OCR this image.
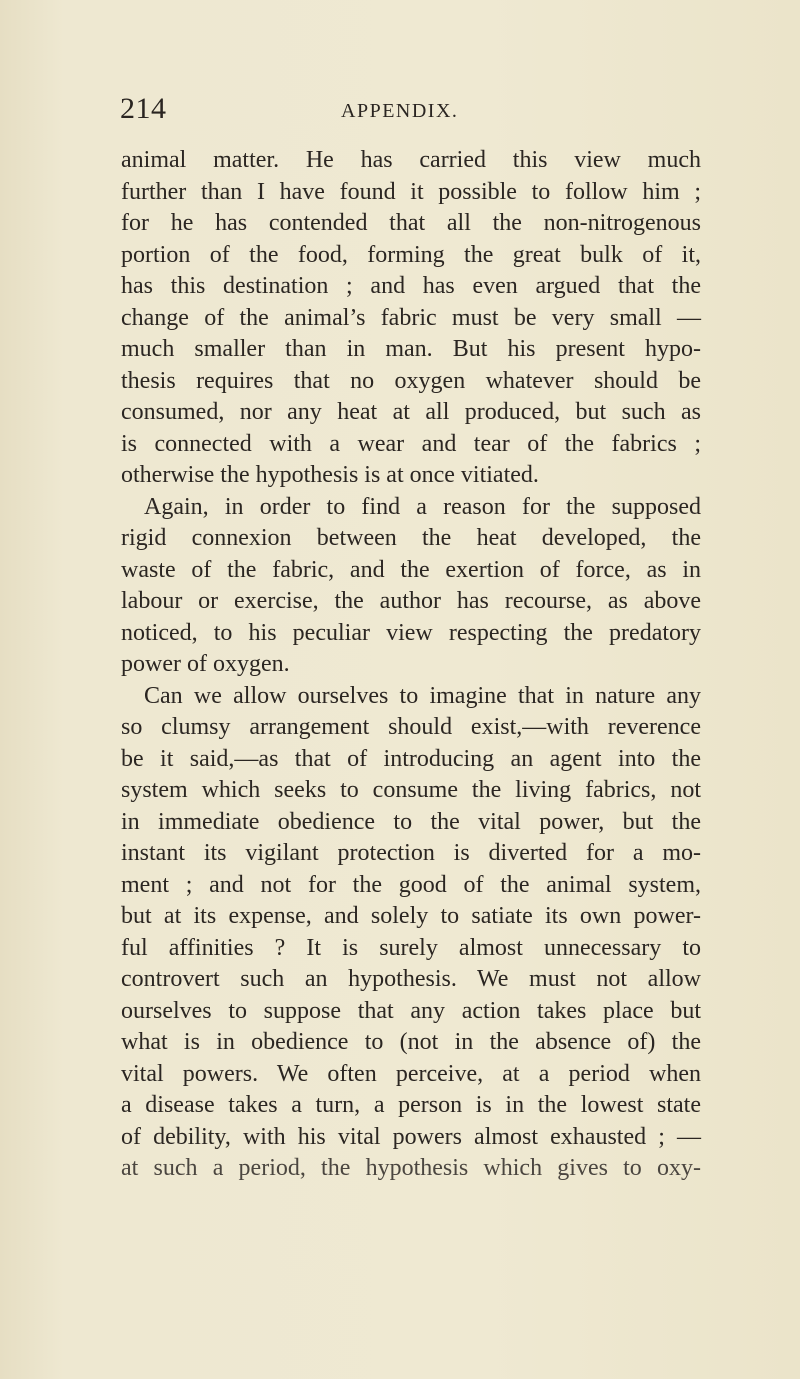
214	APPENDIX.
animal matter. He has carried this view much
further than I have found it possible to follow him ;
for he has contended that all the non-nitrogenous
portion of the food, forming the great bulk of it,
has this destination ; and has even argued that the
change of the animal’s fabric must be very small —
much smaller than in man. But his present hypo-
thesis requires that no oxygen whatever should be
consumed, nor any heat at all produced, but such as
is connected with a wear and tear of the fabrics ;
otherwise the hypothesis is at once vitiated.
Again, in order to find a reason for the supposed
rigid connexion between the heat developed, the
waste of the fabric, and the exertion of force, as in
labour or exercise, the author has recourse, as above
noticed, to his peculiar view respecting the predatory
power of oxygen.
Can we allow ourselves to imagine that in nature any
so clumsy arrangement should exist,—with reverence
be it said,—as that of introducing an agent into the
system which seeks to consume the living fabrics, not
in immediate obedience to the vital power, but the
instant its vigilant protection is diverted for a mo-
ment ; and not for the good of the animal system,
but at its expense, and solely to satiate its own power-
ful affinities ? It is surely almost unnecessary to
controvert such an hypothesis. We must not allow
ourselves to suppose that any action takes place but
what is in obedience to (not in the absence of) the
vital powers. We often perceive, at a period when
a disease takes a turn, a person is in the lowest state
of debility, with his vital powers almost exhausted ; —
at such a period, the hypothesis which gives to oxy-
